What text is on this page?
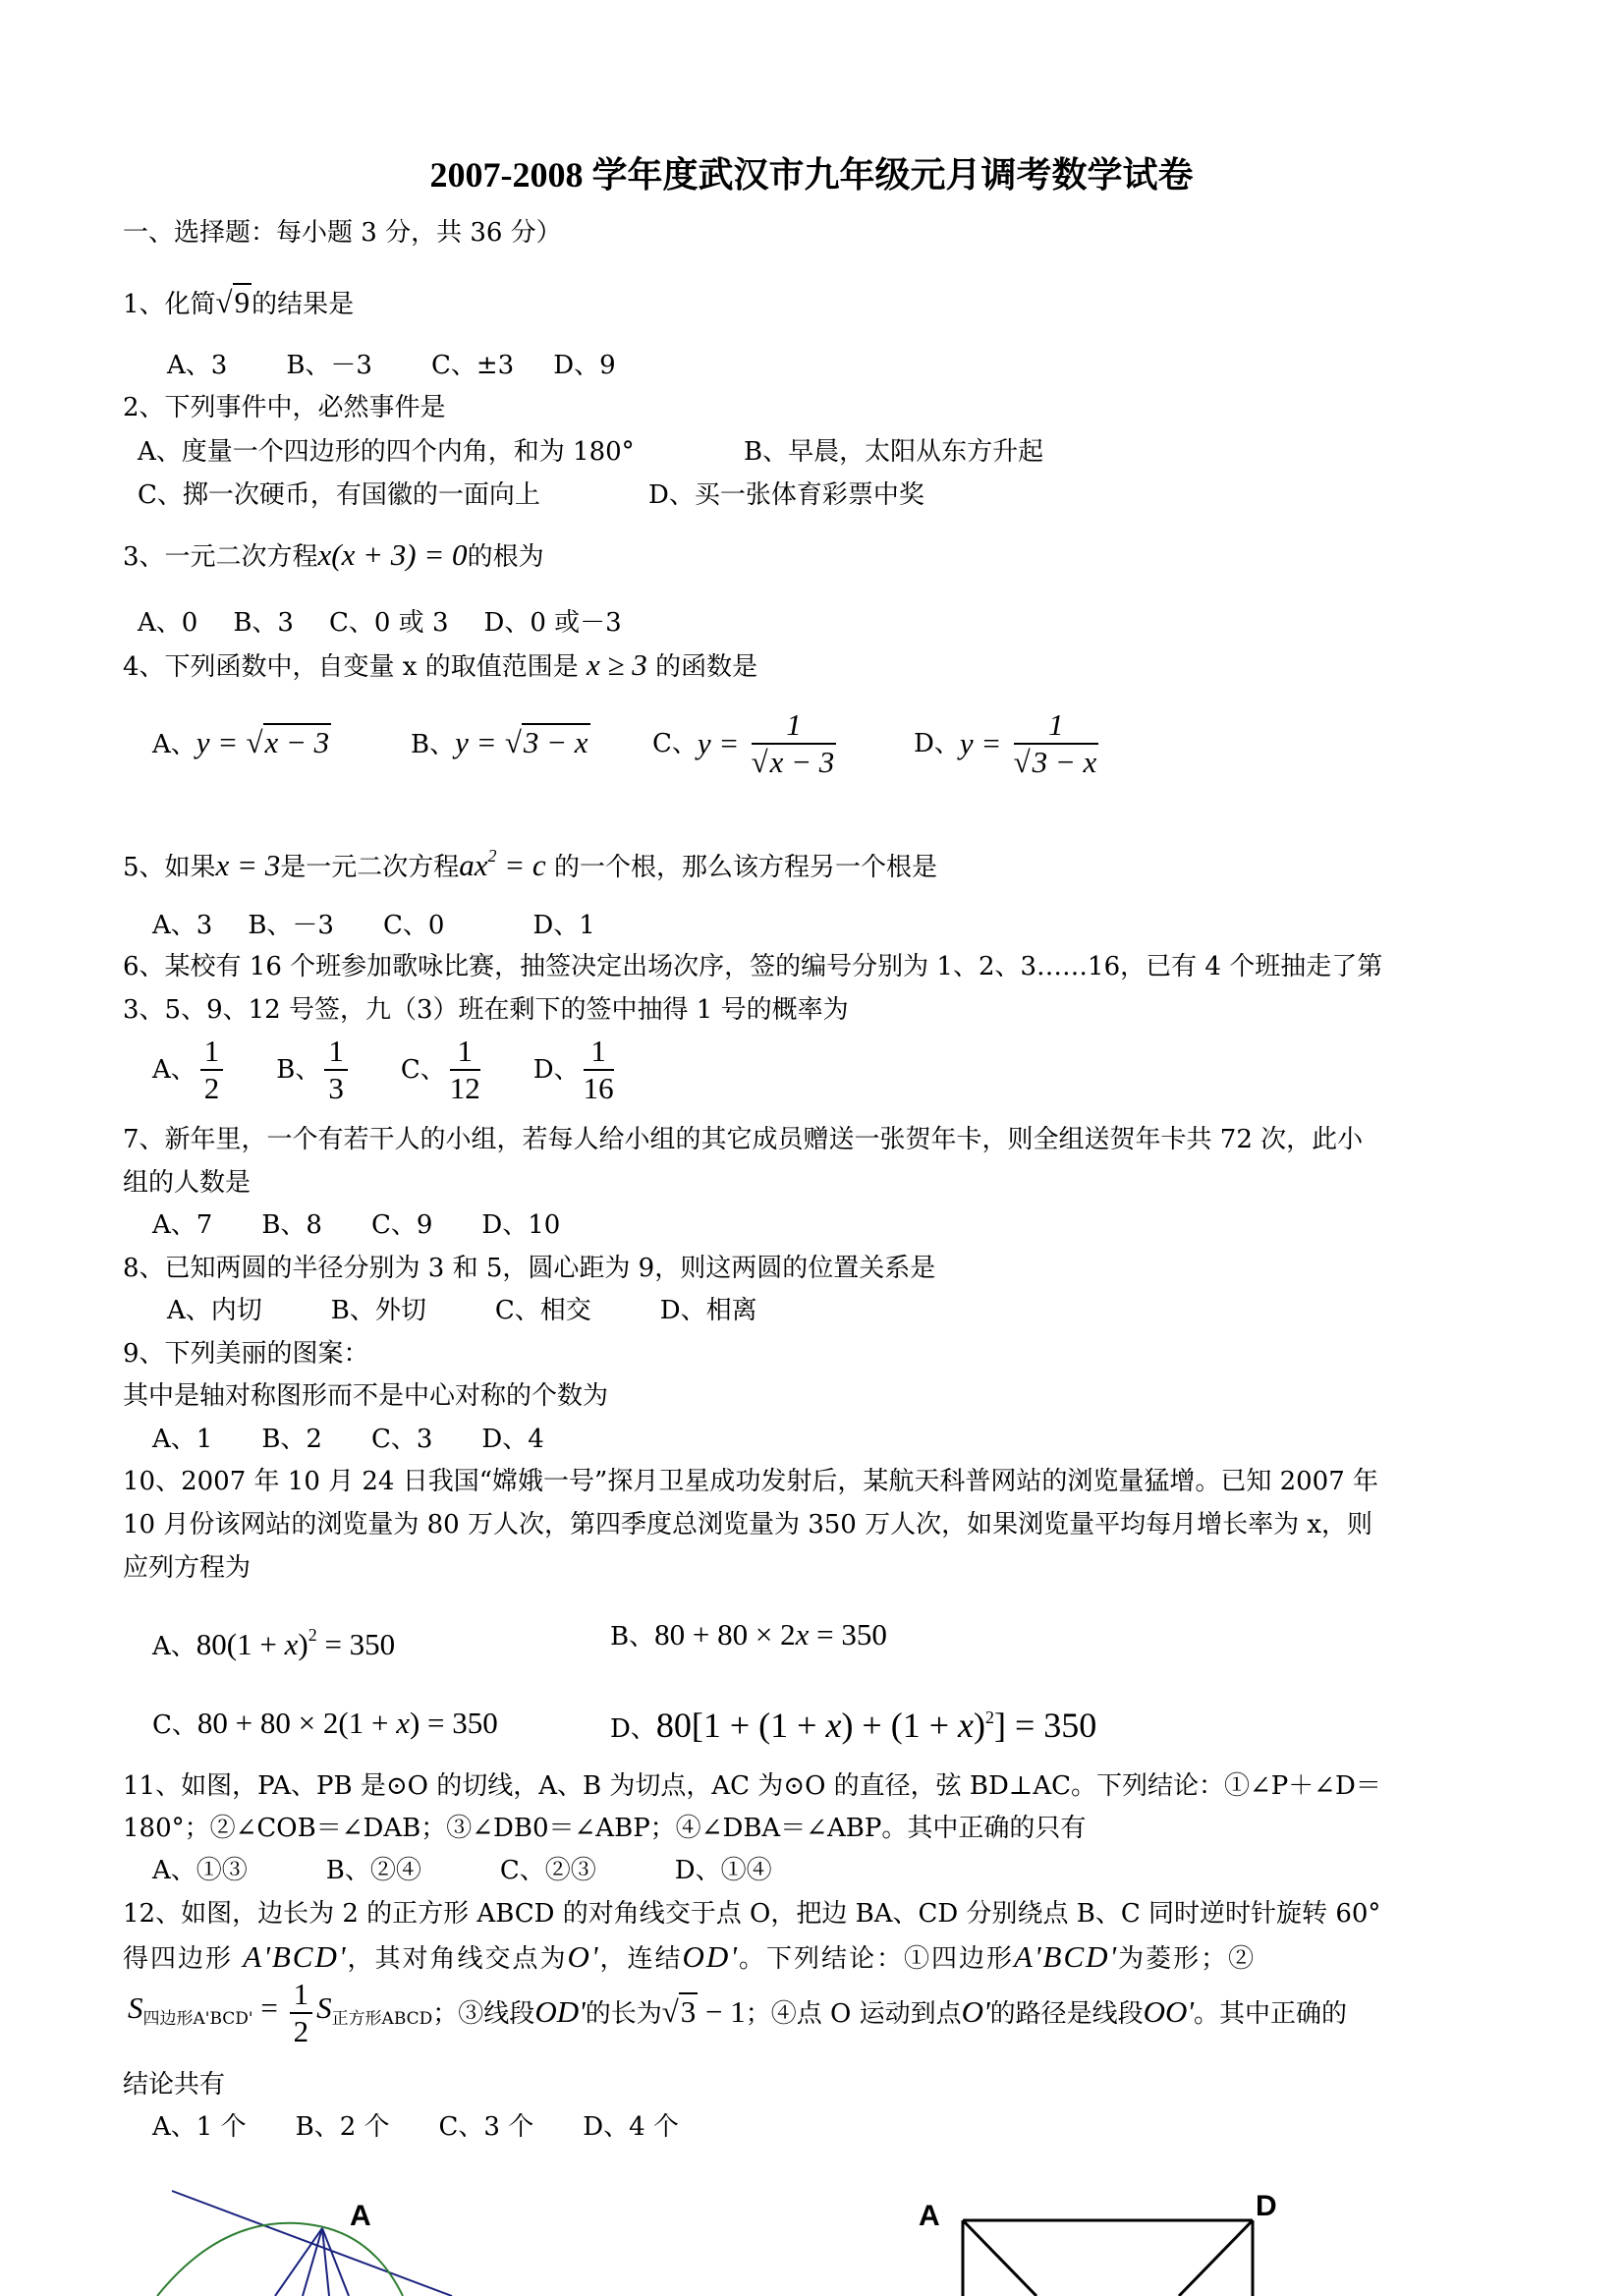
2007-2008 学年度武汉市九年级元月调考数学试卷
一、选择题：每小题 3 分，共 36 分）
1、化简√9的结果是
A、3 B、－3 C、±3 D、9
2、下列事件中，必然事件是
A、度量一个四边形的四个内角，和为 180°	B、早晨，太阳从东方升起
C、掷一次硬币，有国徽的一面向上	D、买一张体育彩票中奖
3、一元二次方程x(x + 3) = 0的根为
A、0 B、3 C、0 或 3 D、0 或－3
4、下列函数中，自变量 x 的取值范围是 x ≥ 3 的函数是
A、y = √x − 3	B、y = √3 − x	C、$y = \frac{1}{√x - 3}$	D、$y = \frac{1}{√3 - x}$
5、如果x = 3是一元二次方程$ax^2 = c$ 的一个根，那么该方程另一个根是
A、3 B、－3 C、0	D、1
6、某校有 16 个班参加歌咏比赛，抽签决定出场次序，签的编号分别为 1、2、3……16，已有 4 个班抽走了第
3、5、9、12 号签，九（3）班在剩下的签中抽得 1 号的概率为
A、 $\frac{1}{2}$ B、 $\frac{1}{3}$ C、 $\frac{1}{12}$ D、 $\frac{1}{16}$
7、新年里，一个有若干人的小组，若每人给小组的其它成员赠送一张贺年卡，则全组送贺年卡共 72 次，此小
组的人数是
A、7 B、8 C、9 D、10
8、已知两圆的半径分别为 3 和 5，圆心距为 9，则这两圆的位置关系是
A、内切	B、外切	C、相交	D、相离
9、下列美丽的图案：
其中是轴对称图形而不是中心对称的个数为
A、1 B、2 C、3 D、4
10、2007 年 10 月 24 日我国“嫦娥一号”探月卫星成功发射后，某航天科普网站的浏览量猛增。已知 2007 年
10 月份该网站的浏览量为 80 万人次，第四季度总浏览量为 350 万人次，如果浏览量平均每月增长率为 x，则
应列方程为
A、$80(1 + x)^2 = 350$	B、80 + 80 × 2x = 350
C、80 + 80 × 2(1 + x) = 350	D、$80[1 + (1 + x) + (1 + x)^2] = 350$
11、如图，PA、PB 是⊙O 的切线，A、B 为切点，AC 为⊙O 的直径，弦 BD⊥AC。下列结论：①∠P＋∠D＝
180°；②∠COB＝∠DAB；③∠DB0＝∠ABP；④∠DBA＝∠ABP。其中正确的只有
A、①③	B、②④	C、②③	D、①④
12、如图，边长为 2 的正方形 ABCD 的对角线交于点 O，把边 BA、CD 分别绕点 B、C 同时逆时针旋转 60°
得四边形 A'BCD'，其对角线交点为O'，连结OD'。下列结论：①四边形A'BCD'为菱形；②
$S_{四边形A'BCD'} = \frac{1}{2} S_{正方形ABCD}$；③线段OD'的长为√3 − 1；④点 O 运动到点O'的路径是线段OO'。其中正确的
结论共有
A、1 个 B、2 个 C、3 个 D、4 个
A	A	D
